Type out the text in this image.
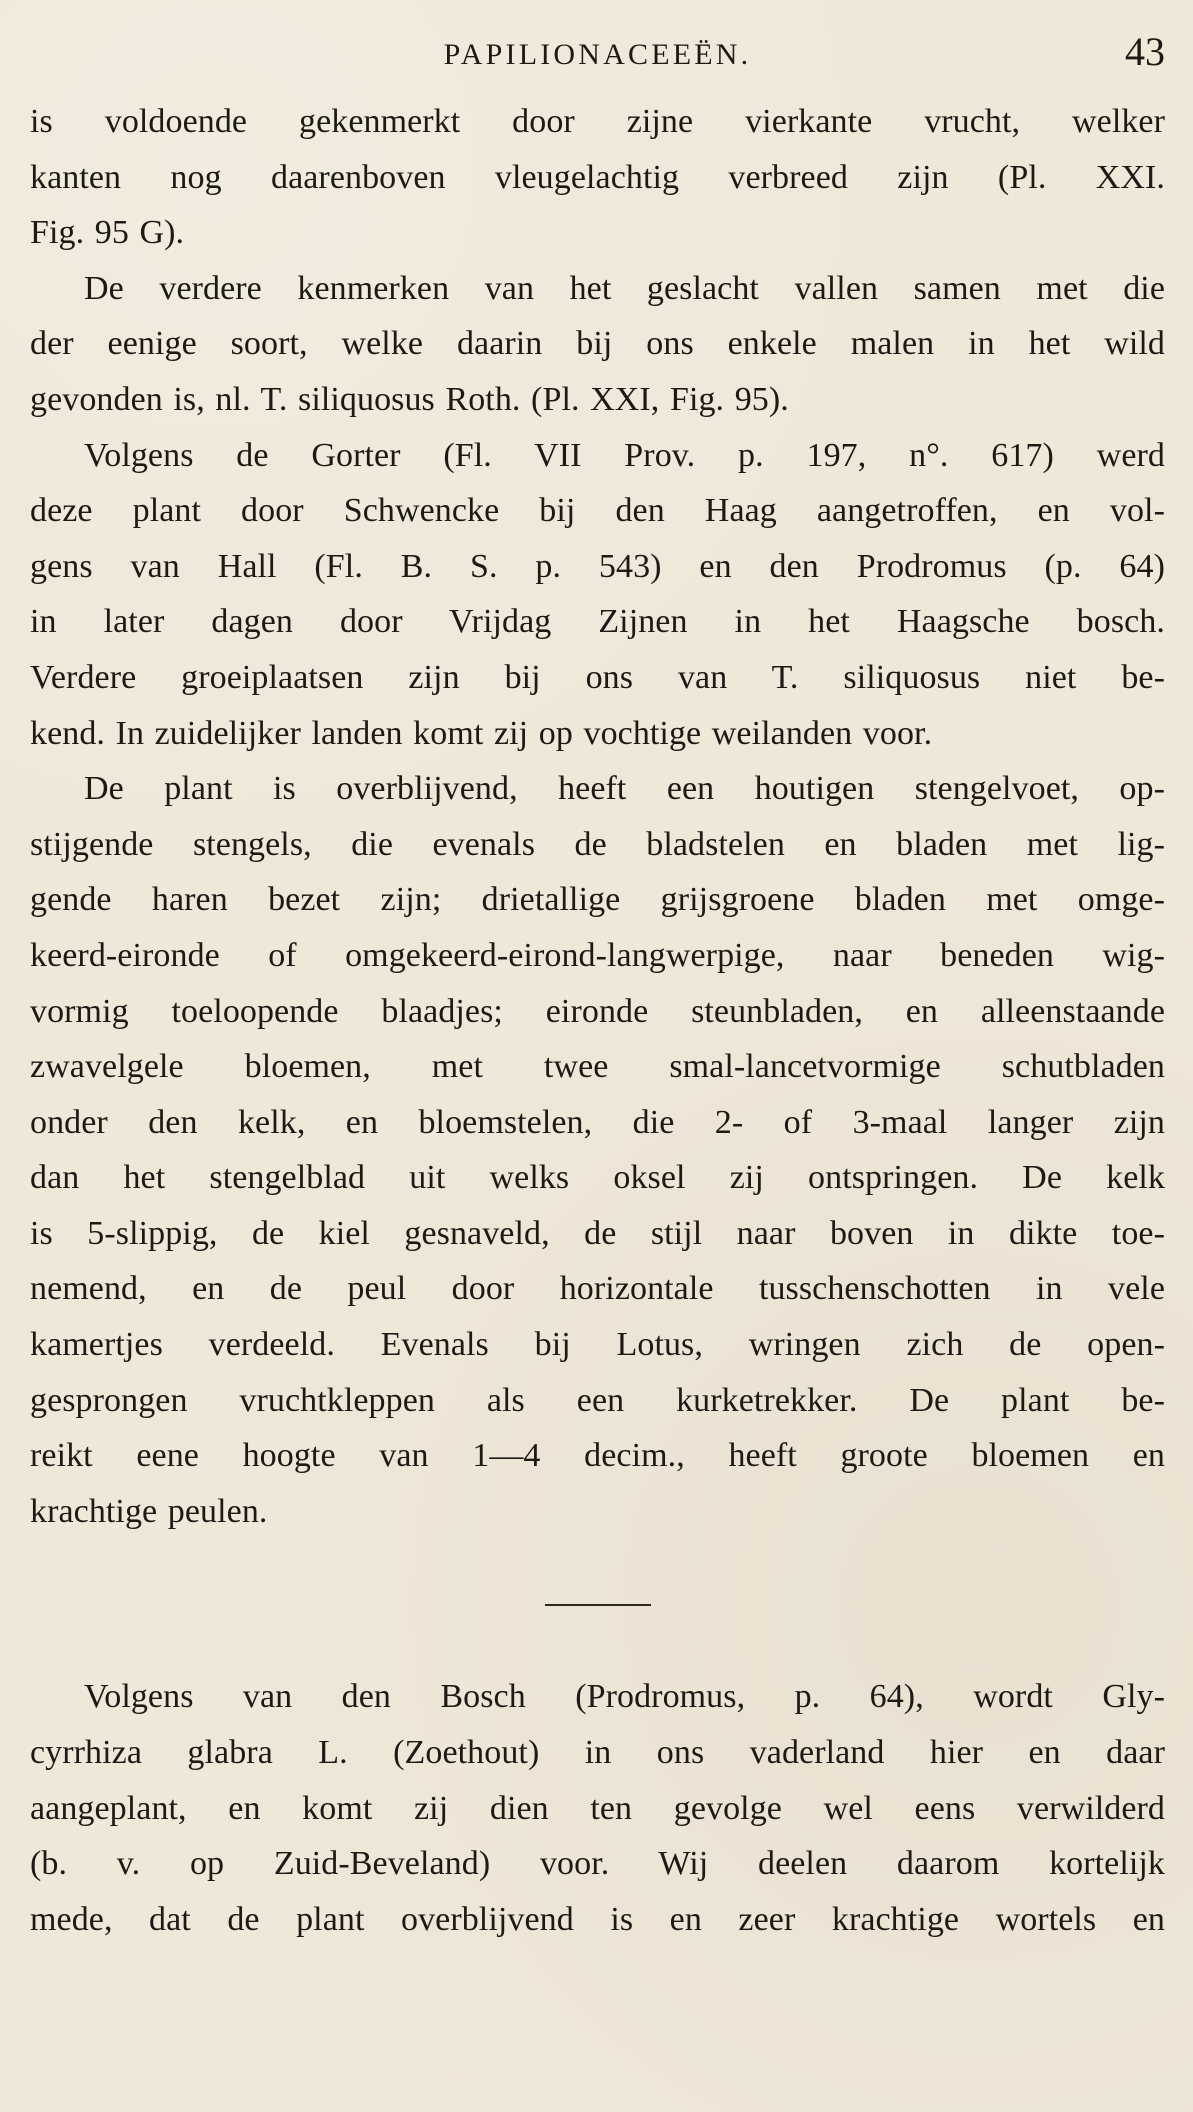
PAPILIONACEEËN.	43
is voldoende gekenmerkt door zijne vierkante vrucht, welker
kanten nog daarenboven vleugelachtig verbreed zijn (Pl. XXI.
Fig. 95 G).
De verdere kenmerken van het geslacht vallen samen met die
der eenige soort, welke daarin bij ons enkele malen in het wild
gevonden is, nl. T. siliquosus Roth. (Pl. XXI, Fig. 95).
Volgens de Gorter (Fl. VII Prov. p. 197, n°. 617) werd
deze plant door Schwencke bij den Haag aangetroffen, en vol-
gens van Hall (Fl. B. S. p. 543) en den Prodromus (p. 64)
in later dagen door Vrijdag Zijnen in het Haagsche bosch.
Verdere groeiplaatsen zijn bij ons van T. siliquosus niet be-
kend. In zuidelijker landen komt zij op vochtige weilanden voor.
De plant is overblijvend, heeft een houtigen stengelvoet, op-
stijgende stengels, die evenals de bladstelen en bladen met lig-
gende haren bezet zijn; drietallige grijsgroene bladen met omge-
keerd-eironde of omgekeerd-eirond-langwerpige, naar beneden wig-
vormig toeloopende blaadjes; eironde steunbladen, en alleenstaande
zwavelgele bloemen, met twee smal-lancetvormige schutbladen
onder den kelk, en bloemstelen, die 2- of 3-maal langer zijn
dan het stengelblad uit welks oksel zij ontspringen. De kelk
is 5-slippig, de kiel gesnaveld, de stijl naar boven in dikte toe-
nemend, en de peul door horizontale tusschenschotten in vele
kamertjes verdeeld. Evenals bij Lotus, wringen zich de open-
gesprongen vruchtkleppen als een kurketrekker. De plant be-
reikt eene hoogte van 1—4 decim., heeft groote bloemen en
krachtige peulen.
Volgens van den Bosch (Prodromus, p. 64), wordt Gly-
cyrrhiza glabra L. (Zoethout) in ons vaderland hier en daar
aangeplant, en komt zij dien ten gevolge wel eens verwilderd
(b. v. op Zuid-Beveland) voor. Wij deelen daarom kortelijk
mede, dat de plant overblijvend is en zeer krachtige wortels en
